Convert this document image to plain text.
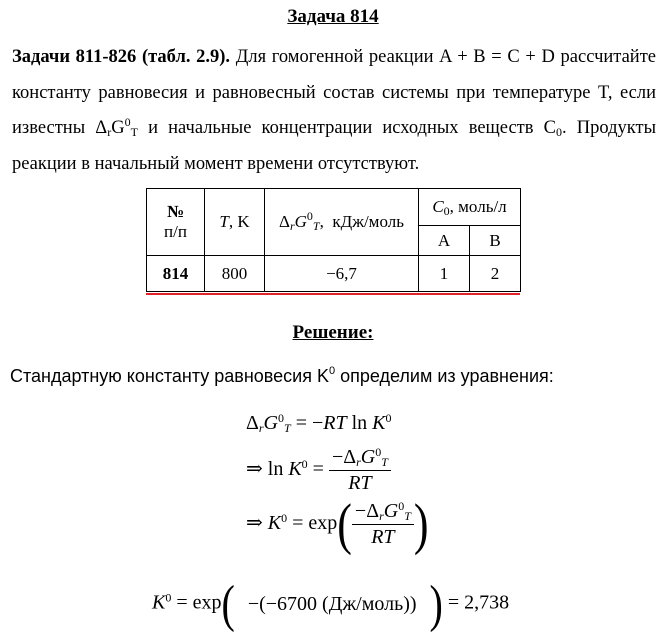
Задача 814
Задачи 811-826 (табл. 2.9). Для гомогенной реакции A + B = C + D рассчитайте константу равновесия и равновесный состав системы при температуре T, если известны $\Delta_rG^0_T$ и начальные концентрации исходных веществ $C_0$. Продукты реакции в начальный момент времени отсутствуют.
№
п/п	T, K	$\Delta_rG^0_T$,  кДж/моль	$C_0$, моль/л	
			A	B
814	800	−6,7	1	2
Решение:
Стандартную константу равновесия $K^0$ определим из уравнения:
$\Delta_rG^0_T = -RT$ $\ln K^0$
⇒ $\ln K^0 = \frac{-\Delta_rG^0_T}{RT}$
⇒ $K^0 = \exp( \frac{-\Delta_rG^0_T}{RT}$ )
$K^0 = \exp( -(-6700$ (Дж/моль)) ) = 2,738
